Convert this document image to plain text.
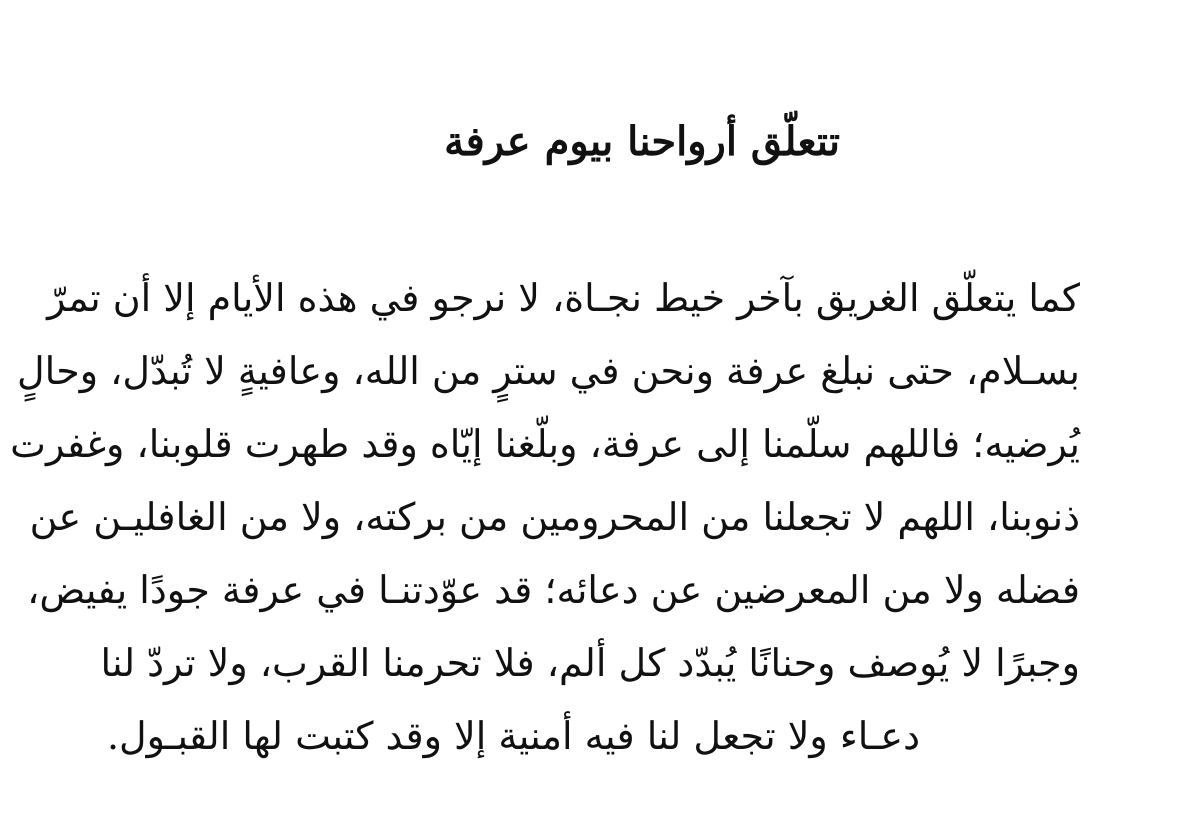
تتعلّق أرواحنا بيوم عرفة
كما يتعلّق الغريق بآخر خيط نجـاة، لا نرجو في هذه الأيام إلا أن تمرّ
بسـلام، حتى نبلغ عرفة ونحن في سترٍ من الله، وعافيةٍ لا تُبدّل، وحالٍ
يُرضيه؛ فاللهم سلّمنا إلى عرفة، وبلّغنا إيّاه وقد طهرت قلوبنا، وغفرت
ذنوبنا، اللهم لا تجعلنا من المحرومين من بركته، ولا من الغافليـن عن
فضله ولا من المعرضين عن دعائه؛ قد عوّدتنـا في عرفة جودًا يفيض،
وجبرًا لا يُوصف وحنانًا يُبدّد كل ألم، فلا تحرمنا القرب، ولا تردّ لنا
دعـاء ولا تجعل لنا فيه أمنية إلا وقد كتبت لها القبـول.
